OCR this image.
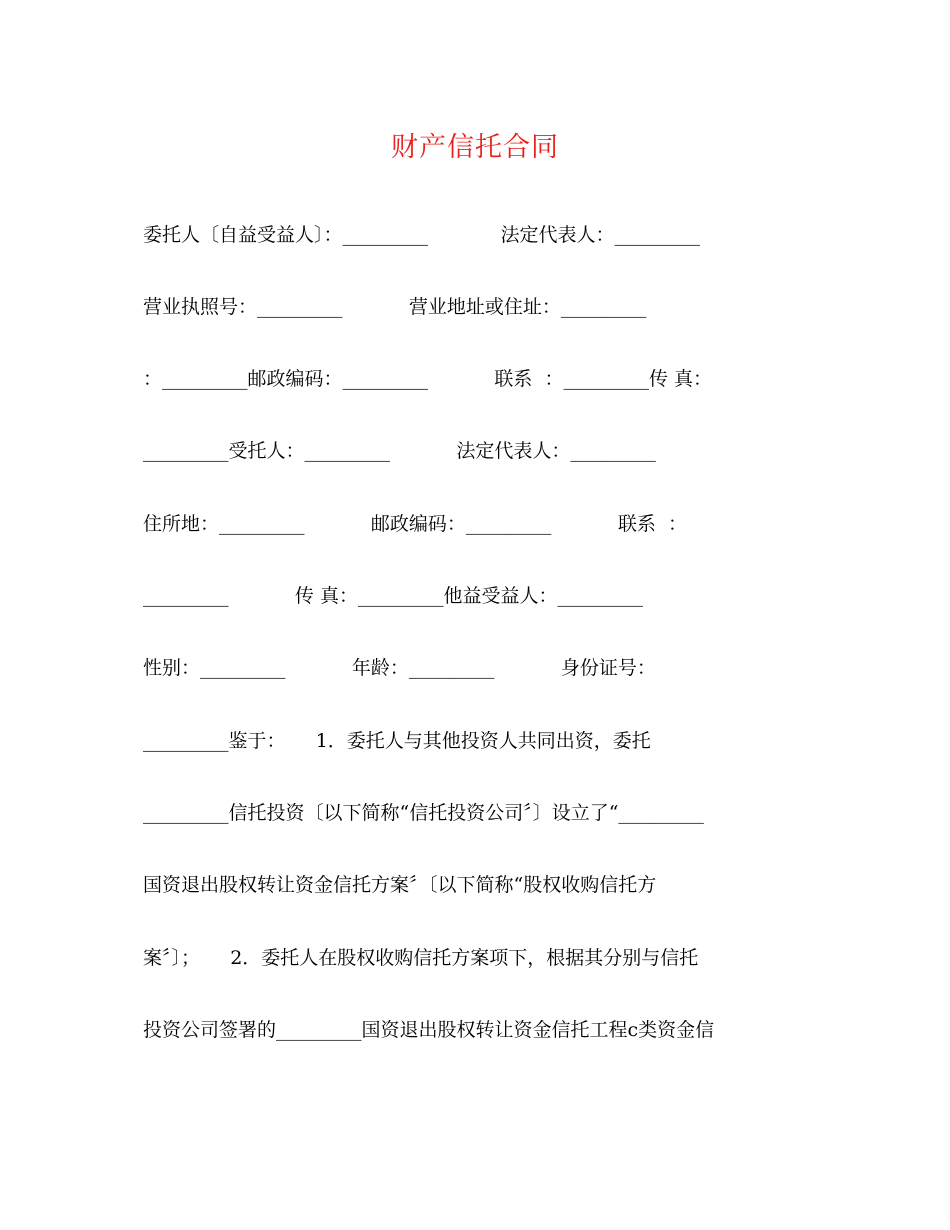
财产信托合同
委托人〔自益受益人〕：_________            法定代表人：_________
营业执照号：_________           营业地址或住址：_________
：_________邮政编码：_________           联系  ：_________传 真：
_________受托人：_________           法定代表人：_________
住所地：_________           邮政编码：_________           联系  ：
_________           传 真：_________他益受益人：_________
性别：_________           年龄：_________           身份证号：
_________鉴于：     1．委托人与其他投资人共同出资，委托
_________信托投资〔以下简称“信托投资公司〞〕设立了“_________
国资退出股权转让资金信托方案〞〔以下简称“股权收购信托方
案〞〕；     2．委托人在股权收购信托方案项下，根据其分别与信托
投资公司签署的_________国资退出股权转让资金信托工程c类资金信
